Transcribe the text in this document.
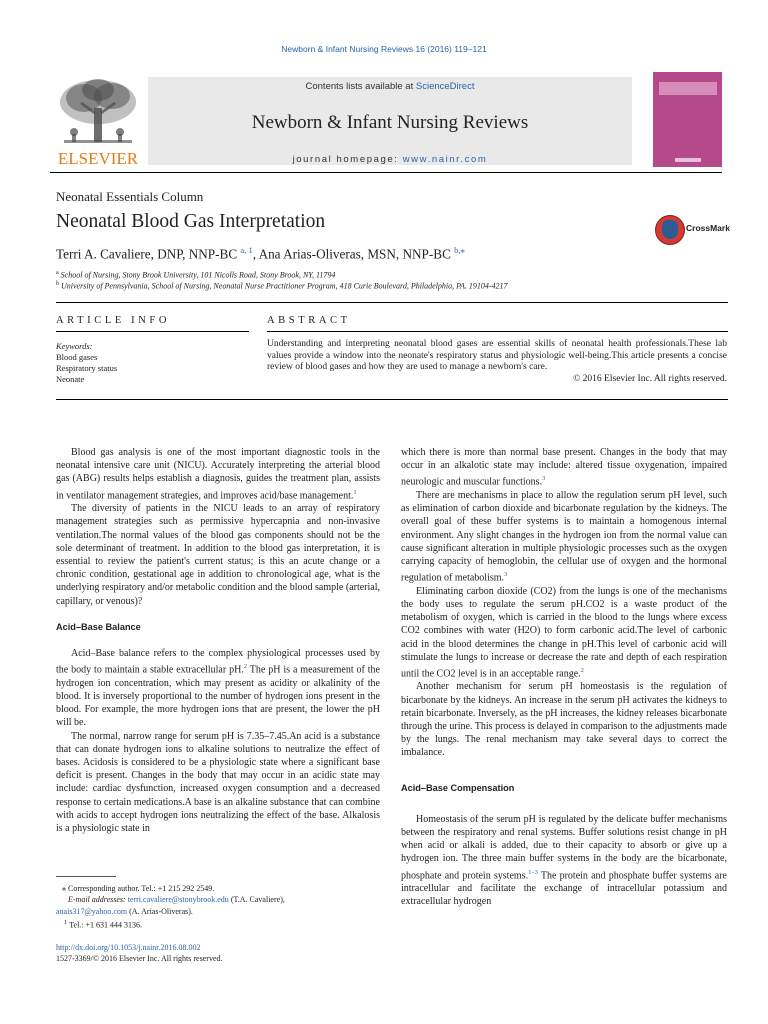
Newborn & Infant Nursing Reviews 16 (2016) 119–121
ELSEVIER
Contents lists available at ScienceDirect
Newborn & Infant Nursing Reviews
journal homepage: www.nainr.com
Neonatal Essentials Column
Neonatal Blood Gas Interpretation	CrossMark
Terri A. Cavaliere, DNP, NNP-BC $^{a, 1}$, Ana Arias-Oliveras, MSN, NNP-BC $^{b,⁎}$
$^a$ School of Nursing, Stony Brook University, 101 Nicolls Road, Stony Brook, NY, 11794
$^b$ University of Pennsylvania, School of Nursing, Neonatal Nurse Practitioner Program, 418 Curie Boulevard, Philadelphia, PA. 19104-4217
ARTICLE INFO
Keywords:
Blood gases
Respiratory status
Neonate
ABSTRACT
Understanding and interpreting neonatal blood gases are essential skills of neonatal health professionals.These lab values provide a window into the neonate's respiratory status and physiologic well-being.This article presents a concise review of blood gases and how they are used to manage a newborn's care.
© 2016 Elsevier Inc. All rights reserved.

Blood gas analysis is one of the most important diagnostic tools in the neonatal intensive care unit (NICU). Accurately interpreting the arterial blood gas (ABG) results helps establish a diagnosis, guides the treatment plan, assists in ventilator management strategies, and improves acid/base management.$^1$

The diversity of patients in the NICU leads to an array of respiratory management strategies such as permissive hypercapnia and non-invasive ventilation.The normal values of the blood gas components should not be the sole determinant of treatment. In addition to the blood gas interpretation, it is essential to review the patient's current status; is this an acute change or a chronic condition, gestational age in addition to chronological age, what is the underlying respiratory and/or metabolic condition and the blood sample (arterial, capillary, or venous)?

Acid–Base Balance

Acid–Base balance refers to the complex physiological processes used by the body to maintain a stable extracellular pH.$^2$ The pH is a measurement of the hydrogen ion concentration, which may present as acidity or alkalinity of the blood. It is inversely proportional to the number of hydrogen ions present in the blood. For example, the more hydrogen ions that are present, the lower the pH will be.

The normal, narrow range for serum pH is 7.35–7.45.An acid is a substance that can donate hydrogen ions to alkaline solutions to neutralize the effect of bases. Acidosis is considered to be a physiologic state where a significant base deficit is present. Changes in the body that may occur in an acidic state may include: cardiac dysfunction, increased oxygen consumption and a decreased response to certain medications.A base is an alkaline substance that can combine with acids to accept hydrogen ions neutralizing the effect of the base. Alkalosis is a physiologic state in

which there is more than normal base present. Changes in the body that may occur in an alkalotic state may include: altered tissue oxygenation, impaired neurologic and muscular functions.$^3$

There are mechanisms in place to allow the regulation serum pH level, such as elimination of carbon dioxide and bicarbonate regulation by the kidneys. The overall goal of these buffer systems is to maintain a homogenous internal environment. Any slight changes in the hydrogen ion from the normal value can cause significant alteration in multiple physiologic processes such as the oxygen carrying capacity of hemoglobin, the cellular use of oxygen and the hormonal regulation of metabolism.$^3$

Eliminating carbon dioxide (CO2) from the lungs is one of the mechanisms the body uses to regulate the serum pH.CO2 is a waste product of the metabolism of oxygen, which is carried in the blood to the lungs where excess CO2 combines with water (H2O) to form carbonic acid.The level of carbonic acid in the blood determines the change in pH.This level of carbonic acid will stimulate the lungs to increase or decrease the rate and depth of each respiration until the CO2 level is in an acceptable range.$^2$

Another mechanism for serum pH homeostasis is the regulation of bicarbonate by the kidneys. An increase in the serum pH activates the kidneys to retain bicarbonate. Inversely, as the pH increases, the kidney releases bicarbonate through the urine. This process is delayed in comparison to the adjustments made by the lungs. The renal mechanism may take several days to correct the imbalance.

Acid–Base Compensation

Homeostasis of the serum pH is regulated by the delicate buffer mechanisms between the respiratory and renal systems. Buffer solutions resist change in pH when acid or alkali is added, due to their capacity to absorb or give up a hydrogen ion. The three main buffer systems in the body are the bicarbonate, phosphate and protein systems.$^{1-3}$ The protein and phosphate buffer systems are intracellular and facilitate the exchange of intracellular potassium and extracellular hydrogen

⁎ Corresponding author. Tel.: +1 215 292 2549.
E-mail addresses: terri.cavaliere@stonybrook.edu (T.A. Cavaliere),
anais317@yahoo.com (A. Arias-Oliveras).
$^1$ Tel.: +1 631 444 3136.
http://dx.doi.org/10.1053/j.nainr.2016.08.002
1527-3369/© 2016 Elsevier Inc. All rights reserved.
